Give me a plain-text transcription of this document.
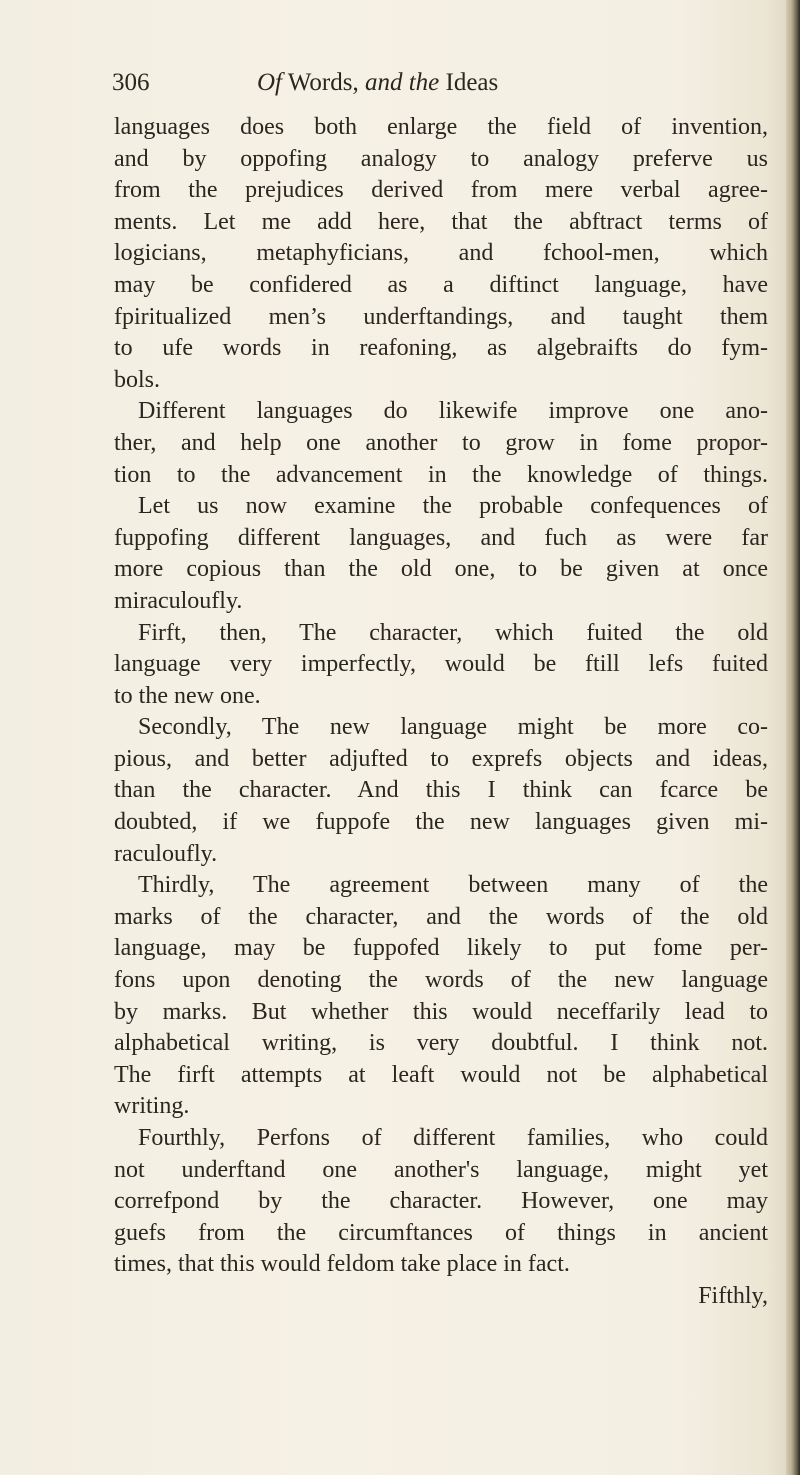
306	Of Words, and the Ideas
languages does both enlarge the field of invention,
and by oppofing analogy to analogy preferve us
from the prejudices derived from mere verbal agree-
ments. Let me add here, that the abftract terms of
logicians, metaphyficians, and fchool-men, which
may be confidered as a diftinct language, have
fpiritualized men’s underftandings, and taught them
to ufe words in reafoning, as algebraifts do fym-
bols.
Different languages do likewife improve one ano-
ther, and help one another to grow in fome propor-
tion to the advancement in the knowledge of things.
Let us now examine the probable confequences of
fuppofing different languages, and fuch as were far
more copious than the old one, to be given at once
miraculoufly.
Firft, then, The character, which fuited the old
language very imperfectly, would be ftill lefs fuited
to the new one.
Secondly, The new language might be more co-
pious, and better adjufted to exprefs objects and ideas,
than the character. And this I think can fcarce be
doubted, if we fuppofe the new languages given mi-
raculoufly.
Thirdly, The agreement between many of the
marks of the character, and the words of the old
language, may be fuppofed likely to put fome per-
fons upon denoting the words of the new language
by marks. But whether this would neceffarily lead to
alphabetical writing, is very doubtful. I think not.
The firft attempts at leaft would not be alphabetical
writing.
Fourthly, Perfons of different families, who could
not underftand one another's language, might yet
correfpond by the character. However, one may
guefs from the circumftances of things in ancient
times, that this would feldom take place in fact.
Fifthly,
